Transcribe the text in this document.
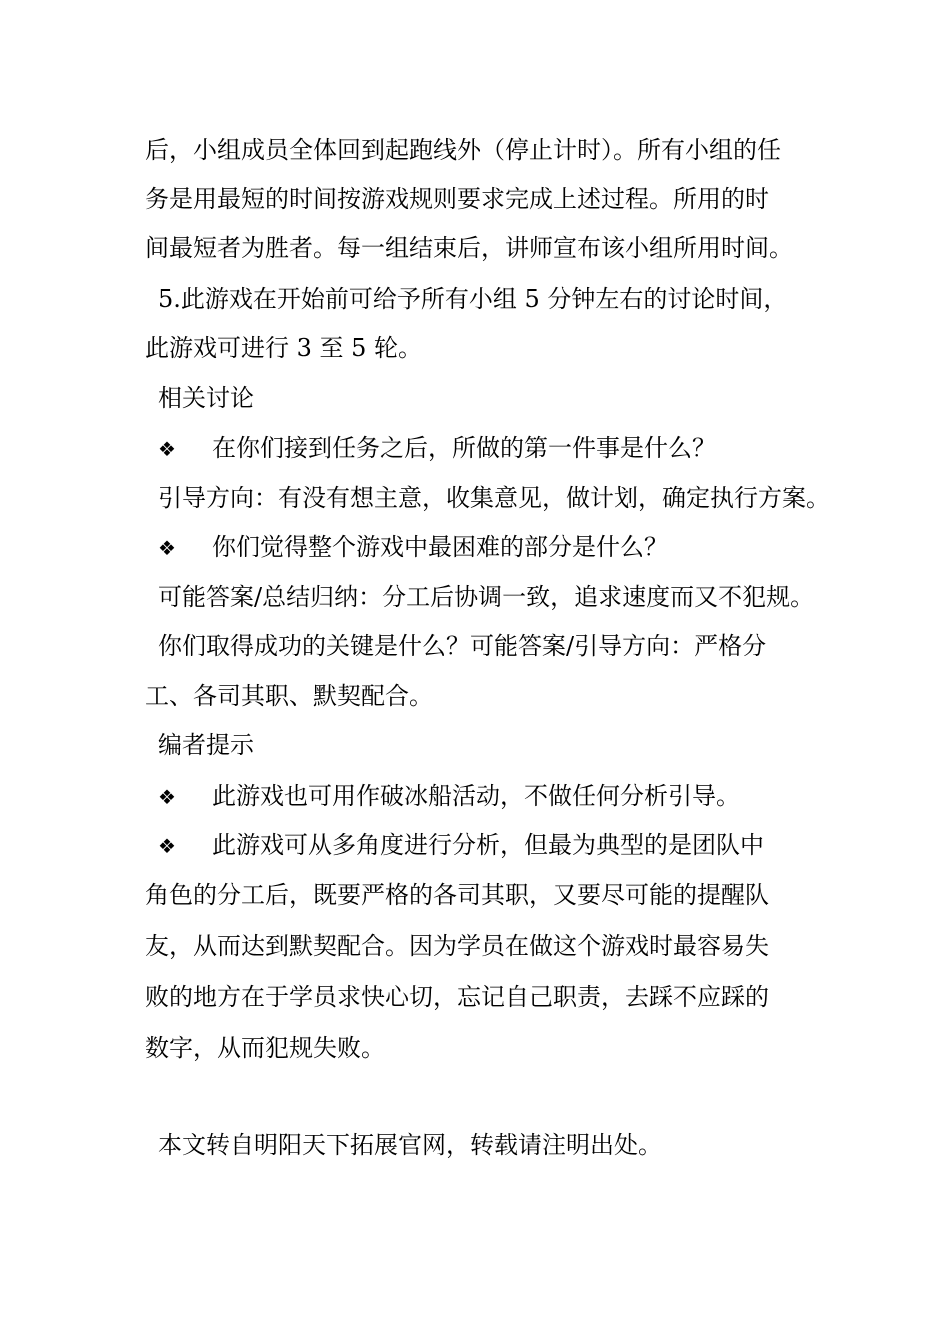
后，小组成员全体回到起跑线外（停止计时）。所有小组的任
务是用最短的时间按游戏规则要求完成上述过程。所用的时
间最短者为胜者。每一组结束后，讲师宣布该小组所用时间。
5.此游戏在开始前可给予所有小组 5 分钟左右的讨论时间，
此游戏可进行 3 至 5 轮。
相关讨论
❖ 在你们接到任务之后，所做的第一件事是什么？
引导方向：有没有想主意，收集意见，做计划，确定执行方案。
❖ 你们觉得整个游戏中最困难的部分是什么？
可能答案/总结归纳：分工后协调一致，追求速度而又不犯规。
你们取得成功的关键是什么？可能答案/引导方向：严格分
工、各司其职、默契配合。
编者提示
❖ 此游戏也可用作破冰船活动，不做任何分析引导。
❖ 此游戏可从多角度进行分析，但最为典型的是团队中
角色的分工后，既要严格的各司其职，又要尽可能的提醒队
友，从而达到默契配合。因为学员在做这个游戏时最容易失
败的地方在于学员求快心切，忘记自己职责，去踩不应踩的
数字，从而犯规失败。
本文转自明阳天下拓展官网，转载请注明出处。
